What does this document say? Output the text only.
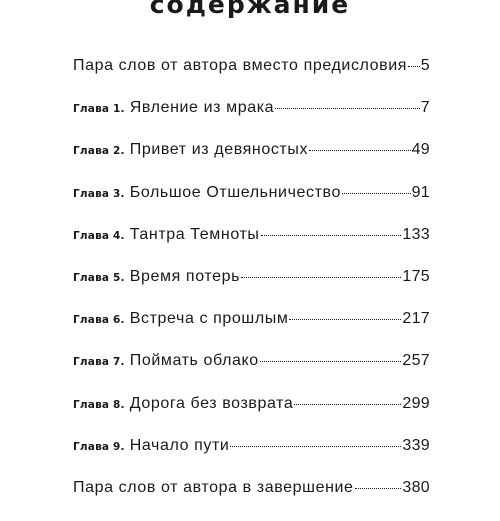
содержание
Пара слов от автора вместо предисловия 5
Глава 1. Явление из мрака	7
Глава 2. Привет из девяностых	49
Глава 3. Большое Отшельничество	91
Глава 4. Тантра Темноты	133
Глава 5. Время потерь	175
Глава 6. Встреча с прошлым	217
Глава 7. Поймать облако	257
Глава 8. Дорога без возврата	299
Глава 9. Начало пути	339
Пара слов от автора в завершение	380
